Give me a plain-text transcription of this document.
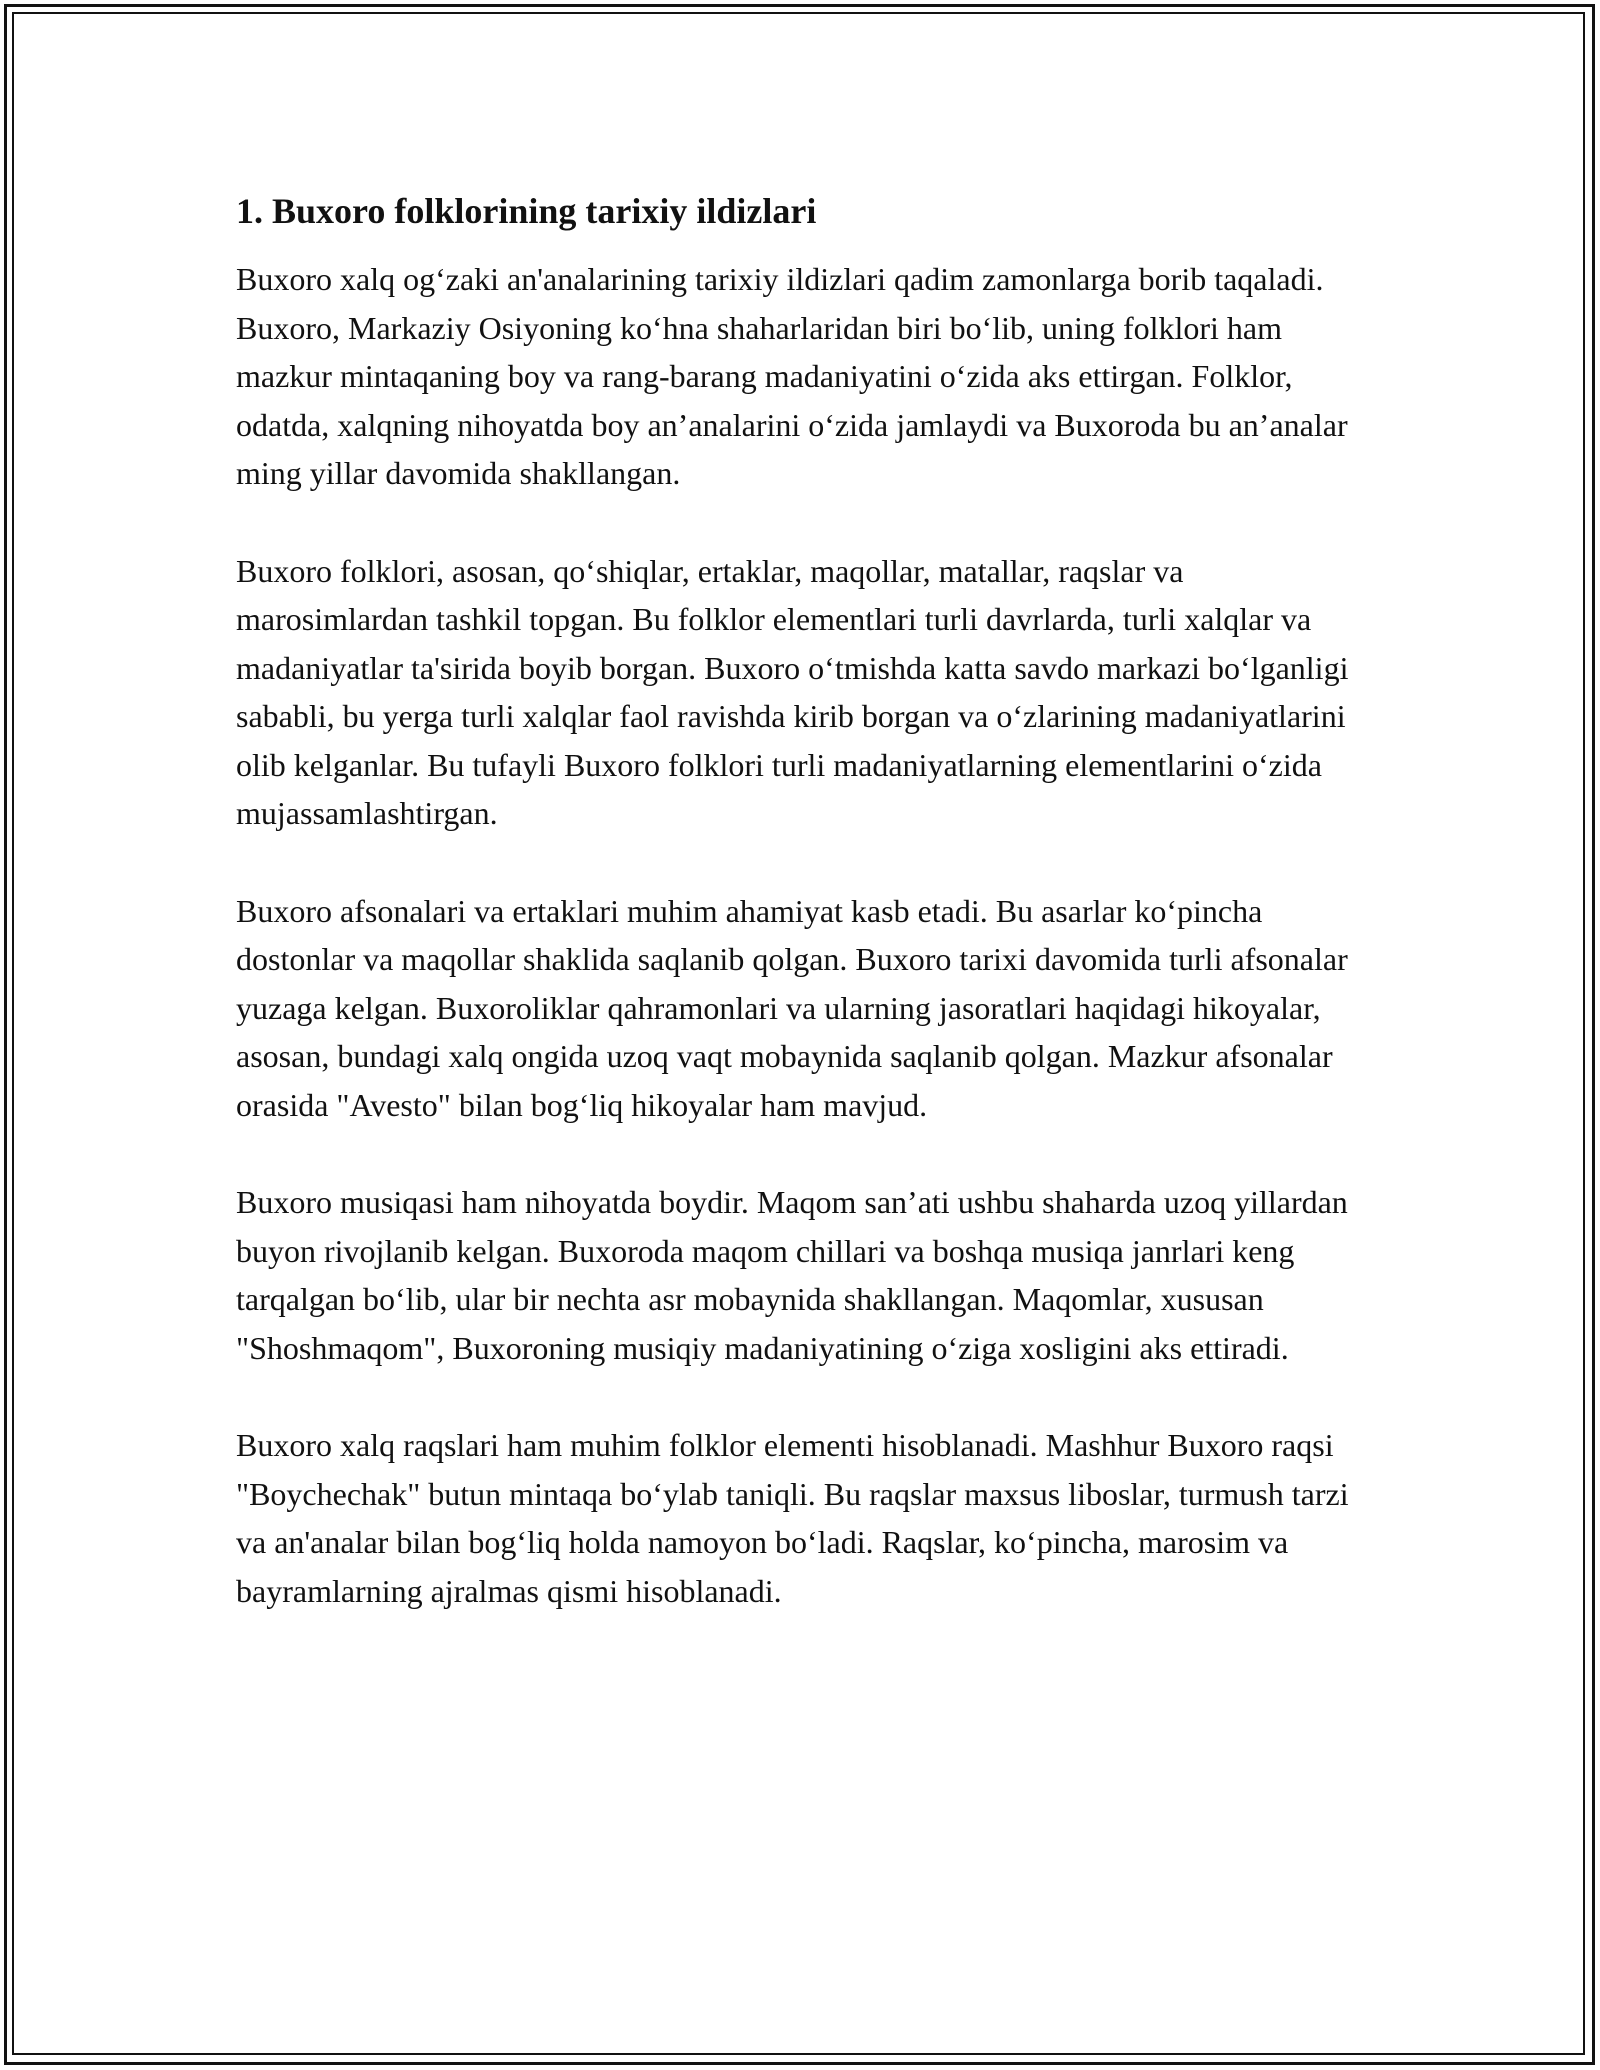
1. Buxoro folklorining tarixiy ildizlari

Buxoro xalq og‘zaki an'analarining tarixiy ildizlari qadim zamonlarga borib taqaladi. Buxoro, Markaziy Osiyoning ko‘hna shaharlaridan biri bo‘lib, uning folklori ham mazkur mintaqaning boy va rang-barang madaniyatini o‘zida aks ettirgan. Folklor, odatda, xalqning nihoyatda boy an’analarini o‘zida jamlaydi va Buxoroda bu an’analar ming yillar davomida shakllangan.

Buxoro folklori, asosan, qo‘shiqlar, ertaklar, maqollar, matallar, raqslar va marosimlardan tashkil topgan. Bu folklor elementlari turli davrlarda, turli xalqlar va madaniyatlar ta'sirida boyib borgan. Buxoro o‘tmishda katta savdo markazi bo‘lganligi sababli, bu yerga turli xalqlar faol ravishda kirib borgan va o‘zlarining madaniyatlarini olib kelganlar. Bu tufayli Buxoro folklori turli madaniyatlarning elementlarini o‘zida mujassamlashtirgan.

Buxoro afsonalari va ertaklari muhim ahamiyat kasb etadi. Bu asarlar ko‘pincha dostonlar va maqollar shaklida saqlanib qolgan. Buxoro tarixi davomida turli afsonalar yuzaga kelgan. Buxoroliklar qahramonlari va ularning jasoratlari haqidagi hikoyalar, asosan, bundagi xalq ongida uzoq vaqt mobaynida saqlanib qolgan. Mazkur afsonalar orasida "Avesto" bilan bog‘liq hikoyalar ham mavjud.

Buxoro musiqasi ham nihoyatda boydir. Maqom san’ati ushbu shaharda uzoq yillardan buyon rivojlanib kelgan. Buxoroda maqom chillari va boshqa musiqa janrlari keng tarqalgan bo‘lib, ular bir nechta asr mobaynida shakllangan. Maqomlar, xususan "Shoshmaqom", Buxoroning musiqiy madaniyatining o‘ziga xosligini aks ettiradi.

Buxoro xalq raqslari ham muhim folklor elementi hisoblanadi. Mashhur Buxoro raqsi "Boychechak" butun mintaqa bo‘ylab taniqli. Bu raqslar maxsus liboslar, turmush tarzi va an'analar bilan bog‘liq holda namoyon bo‘ladi. Raqslar, ko‘pincha, marosim va bayramlarning ajralmas qismi hisoblanadi.
